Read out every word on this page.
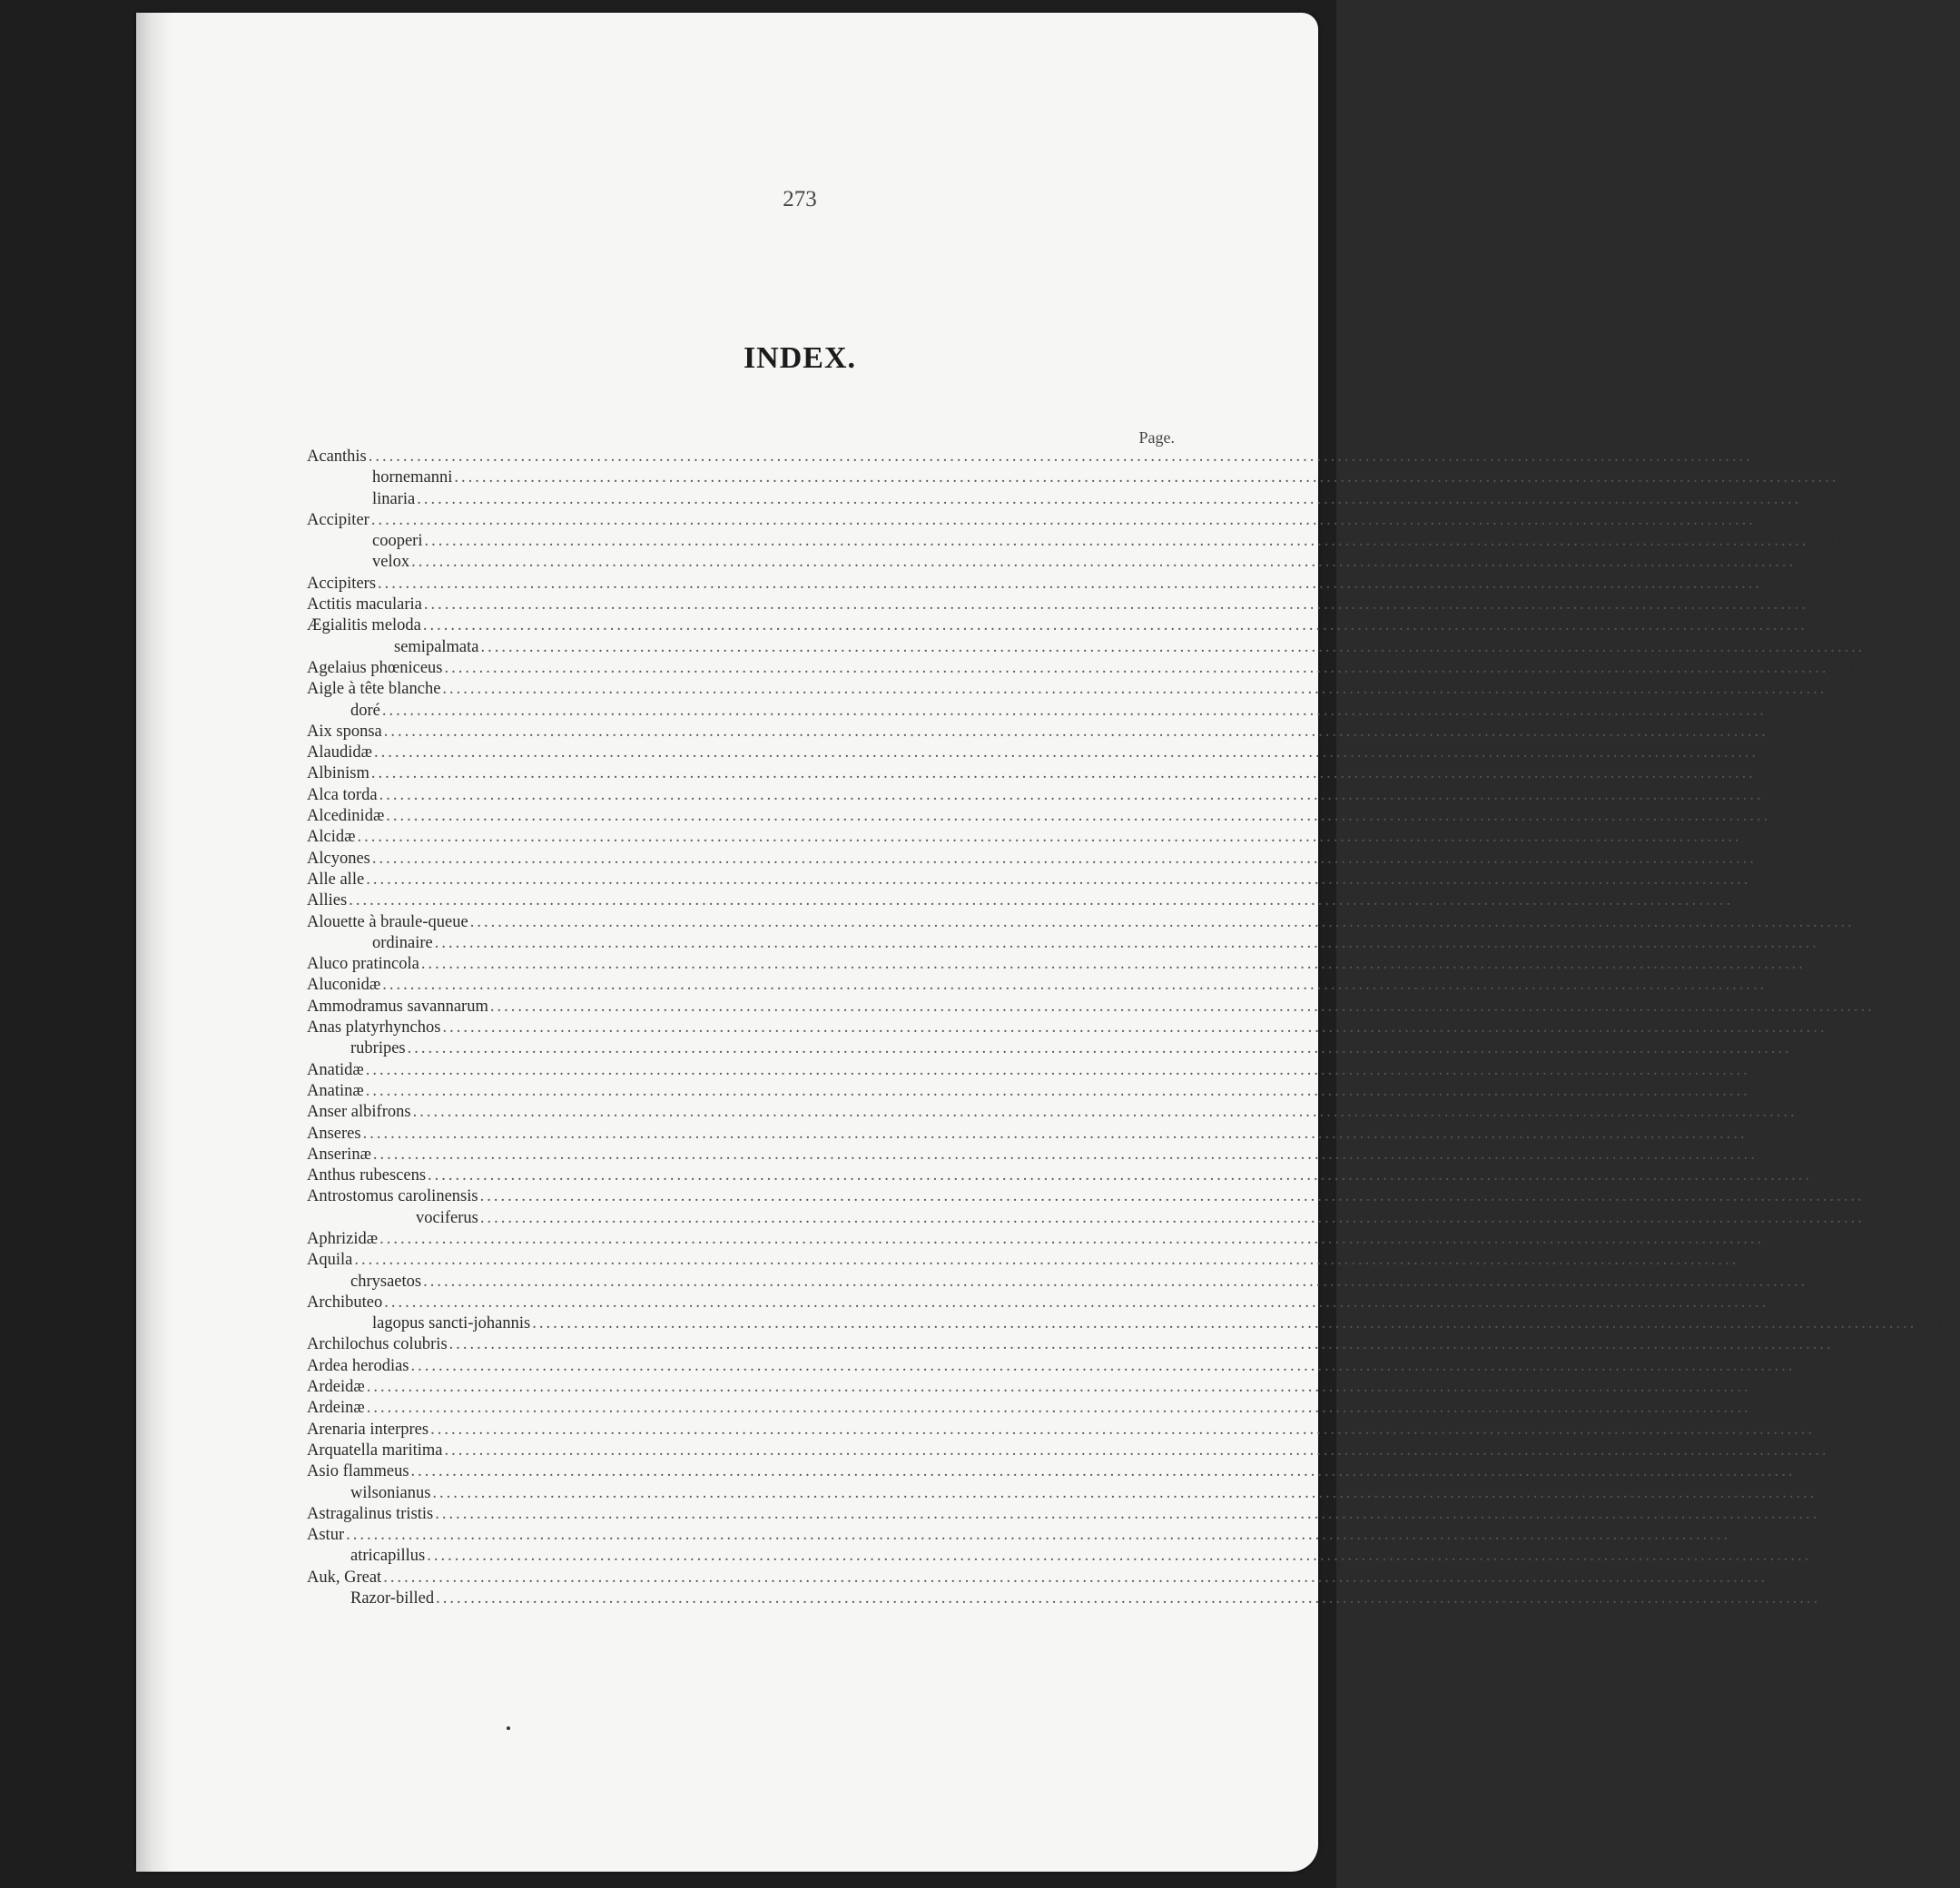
273
INDEX.
Page.
Acanthis ........................................................................................................................................................................................................	166
hornemanni ........................................................................................................................................................................................................	166
linaria ........................................................................................................................................................................................................	167
Accipiter ........................................................................................................................................................................................................	118
cooperi ........................................................................................................................................................................................................	119
velox ........................................................................................................................................................................................................	118
Accipiters ........................................................................................................................................................................................................	118
Actitis macularia ........................................................................................................................................................................................................	100
Ægialitis meloda ........................................................................................................................................................................................................	104
semipalmata ........................................................................................................................................................................................................	104
Agelaius phœniceus ........................................................................................................................................................................................................	158
Aigle à tête blanche ........................................................................................................................................................................................................	124
doré ........................................................................................................................................................................................................	123
Aix sponsa ........................................................................................................................................................................................................	68
Alaudidæ ........................................................................................................................................................................................................	152
Albinism ........................................................................................................................................................................................................	7
Alca torda ........................................................................................................................................................................................................	47
Alcedinidæ ........................................................................................................................................................................................................	137
Alcidæ ........................................................................................................................................................................................................	45
Alcyones ........................................................................................................................................................................................................	136
Alle alle ........................................................................................................................................................................................................	47
Allies ........................................................................................................................................................................................................ 145,     215
Alouette à braule-queue ........................................................................................................................................................................................................	100
ordinaire ........................................................................................................................................................................................................	152
Aluco pratincola ........................................................................................................................................................................................................	129
Aluconidæ ........................................................................................................................................................................................................	129
Ammodramus savannarum ........................................................................................................................................................................................................	171
Anas platyrhynchos ........................................................................................................................................................................................................	65
rubripes ........................................................................................................................................................................................................	66
Anatidæ ........................................................................................................................................................................................................	63
Anatinæ ........................................................................................................................................................................................................	65
Anser albifrons ........................................................................................................................................................................................................	76
Anseres ........................................................................................................................................................................................................	62
Anserinæ ........................................................................................................................................................................................................	75
Anthus rubescens ........................................................................................................................................................................................................	205
Antrostomus carolinensis ........................................................................................................................................................................................................	143
vociferus ........................................................................................................................................................................................................	143
Aphrizidæ ........................................................................................................................................................................................................	105
Aquila ........................................................................................................................................................................................................	123
chrysaetos ........................................................................................................................................................................................................	123
Archibuteo ........................................................................................................................................................................................................	120
lagopus sancti-johannis ........................................................................................................................................................................................................	123
Archilochus colubris ........................................................................................................................................................................................................	146
Ardea herodias ........................................................................................................................................................................................................	82
Ardeidæ ........................................................................................................................................................................................................	80
Ardeinæ ........................................................................................................................................................................................................	81
Arenaria interpres ........................................................................................................................................................................................................	105
Arquatella maritima ........................................................................................................................................................................................................	94
Asio flammeus ........................................................................................................................................................................................................	130
wilsonianus ........................................................................................................................................................................................................	130
Astragalinus tristis ........................................................................................................................................................................................................	168
Astur ........................................................................................................................................................................................................	118
atricapillus ........................................................................................................................................................................................................	119
Auk, Great ........................................................................................................................................................................................................	47
Razor-billed ........................................................................................................................................................................................................	47
